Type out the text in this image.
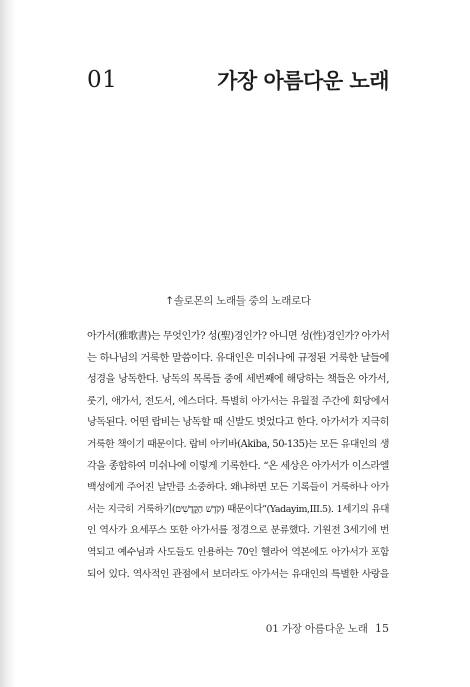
01	가장 아름다운 노래
↑솔로몬의 노래들 중의 노래로다
아가서(雅歌書)는 무엇인가? 성(聖)경인가? 아니면 성(性)경인가? 아가서
는 하나님의 거룩한 말씀이다. 유대인은 미쉬나에 규정된 거룩한 날들에
성경을 낭독한다. 낭독의 목록들 중에 세번째에 해당하는 책들은 아가서,
룻기, 애가서, 전도서, 에스더다. 특별히 아가서는 유월절 주간에 회당에서
낭독된다. 어떤 랍비는 낭독할 때 신발도 벗었다고 한다. 아가서가 지극히
거룩한 책이기 때문이다. 랍비 아키바(Akiba, 50-135)는 모든 유대인의 생
각을 종합하여 미쉬나에 이렇게 기록한다. “온 세상은 아가서가 이스라엘
백성에게 주어진 날만큼 소중하다. 왜냐하면 모든 기록들이 거룩하나 아가
서는 지극히 거룩하기(קֹדֶשׁ הַקֳּדָשִׁים) 때문이다”(Yadayim,III.5). 1세기의 유대
인 역사가 요세푸스 또한 아가서를 정경으로 분류했다. 기원전 3세기에 번
역되고 예수님과 사도들도 인용하는 70인 헬라어 역본에도 아가서가 포함
되어 있다. 역사적인 관점에서 보더라도 아가서는 유대인의 특별한 사랑을
01 가장 아름다운 노래 15
